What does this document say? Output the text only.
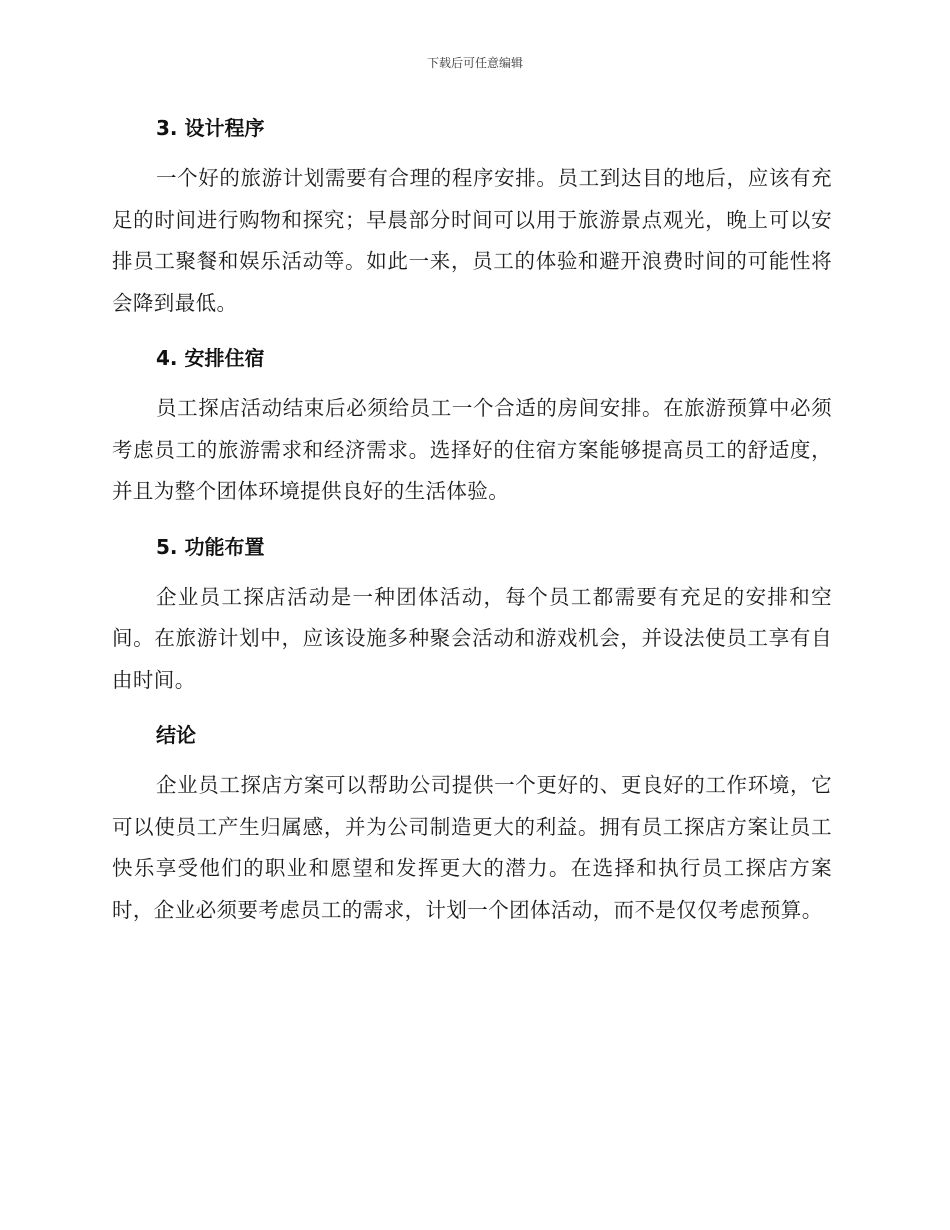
下载后可任意编辑
3. 设计程序

一个好的旅游计划需要有合理的程序安排。员工到达目的地后，应该有充足的时间进行购物和探究；早晨部分时间可以用于旅游景点观光，晚上可以安排员工聚餐和娱乐活动等。如此一来，员工的体验和避开浪费时间的可能性将会降到最低。

4. 安排住宿

员工探店活动结束后必须给员工一个合适的房间安排。在旅游预算中必须考虑员工的旅游需求和经济需求。选择好的住宿方案能够提高员工的舒适度，并且为整个团体环境提供良好的生活体验。

5. 功能布置

企业员工探店活动是一种团体活动，每个员工都需要有充足的安排和空间。在旅游计划中，应该设施多种聚会活动和游戏机会，并设法使员工享有自由时间。

结论

企业员工探店方案可以帮助公司提供一个更好的、更良好的工作环境，它可以使员工产生归属感，并为公司制造更大的利益。拥有员工探店方案让员工快乐享受他们的职业和愿望和发挥更大的潜力。在选择和执行员工探店方案时，企业必须要考虑员工的需求，计划一个团体活动，而不是仅仅考虑预算。
